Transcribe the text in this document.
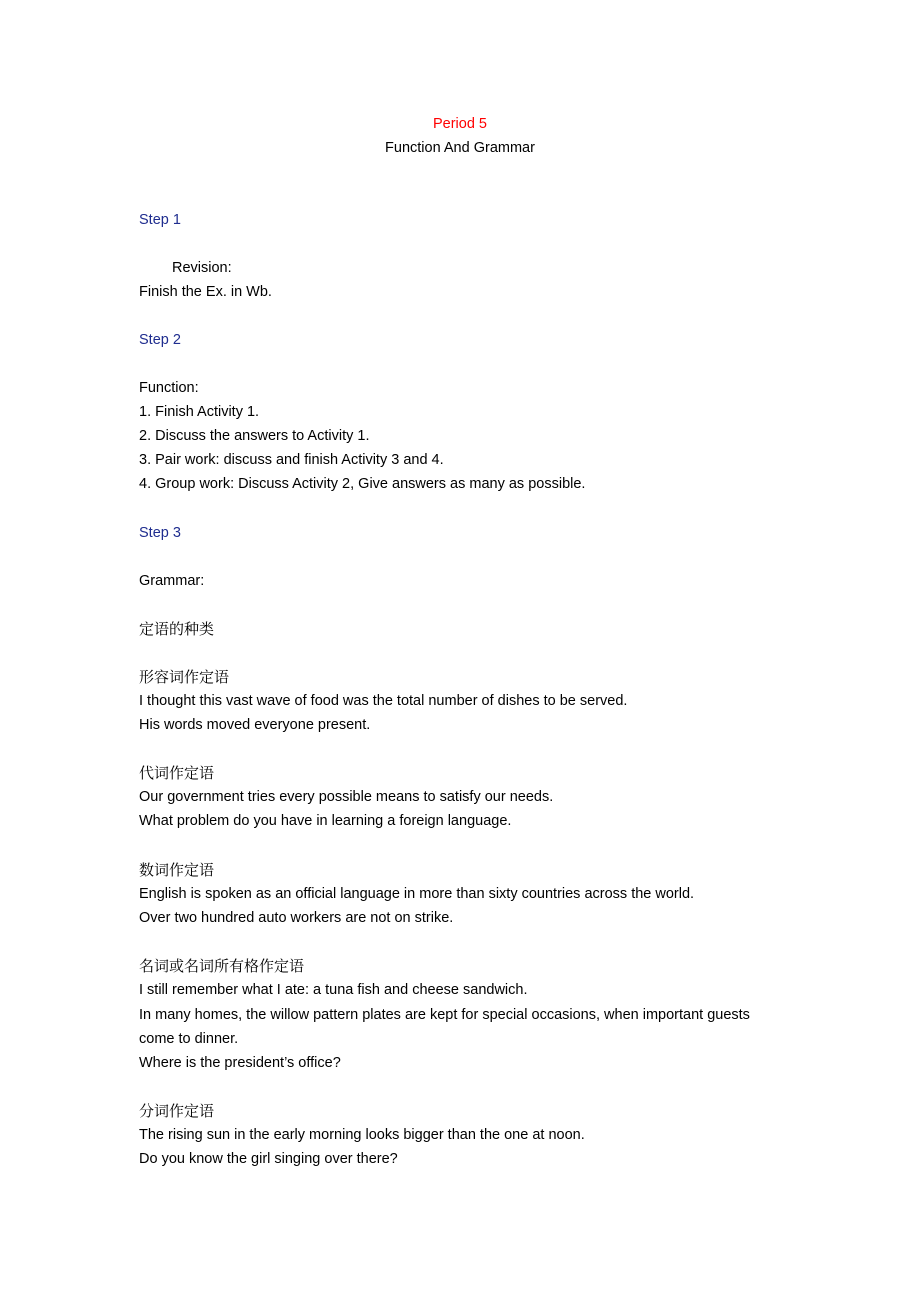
Period 5
Function And Grammar
Step 1
Revision:
Finish the Ex. in Wb.
Step 2
Function:
1. Finish Activity 1.
2. Discuss the answers to Activity 1.
3. Pair work: discuss and finish Activity 3 and 4.
4. Group work: Discuss Activity 2, Give answers as many as possible.
Step 3
Grammar:
定语的种类
形容词作定语
I thought this vast wave of food was the total number of dishes to be served.
His words moved everyone present.
代词作定语
Our government tries every possible means to satisfy our needs.
What problem do you have in learning a foreign language.
数词作定语
English is spoken as an official language in more than sixty countries across the world.
Over two hundred auto workers are not on strike.
名词或名词所有格作定语
I still remember what I ate: a tuna fish and cheese sandwich.
In many homes, the willow pattern plates are kept for special occasions, when important guests
come to dinner.
Where is the president’s office?
分词作定语
The rising sun in the early morning looks bigger than the one at noon.
Do you know the girl singing over there?
